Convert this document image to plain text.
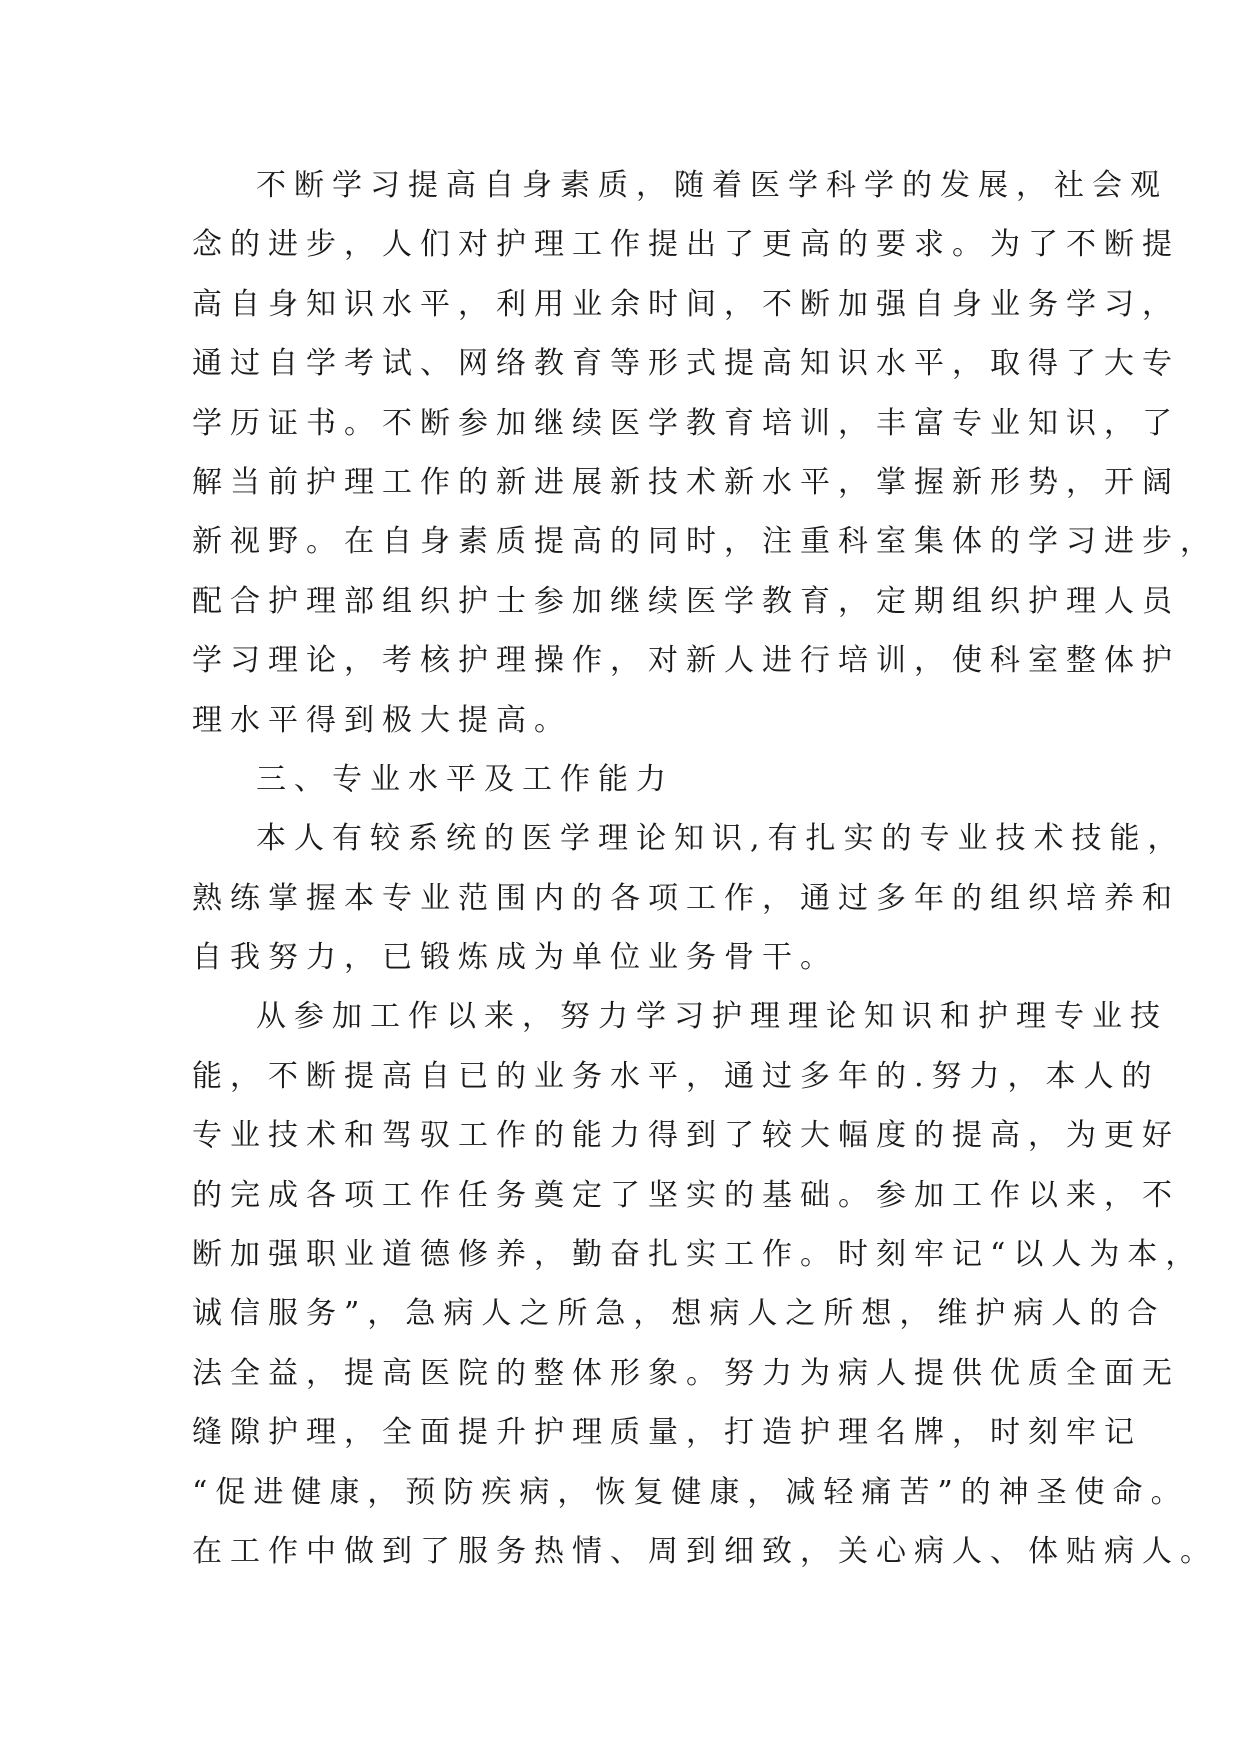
不断学习提高自身素质，随着医学科学的发展，社会观
念的进步，人们对护理工作提出了更高的要求。为了不断提
高自身知识水平，利用业余时间，不断加强自身业务学习，
通过自学考试、网络教育等形式提高知识水平，取得了大专
学历证书。不断参加继续医学教育培训，丰富专业知识，了
解当前护理工作的新进展新技术新水平，掌握新形势，开阔
新视野。在自身素质提高的同时，注重科室集体的学习进步，
配合护理部组织护士参加继续医学教育，定期组织护理人员
学习理论，考核护理操作，对新人进行培训，使科室整体护
理水平得到极大提高。
三、专业水平及工作能力
本人有较系统的医学理论知识,有扎实的专业技术技能，
熟练掌握本专业范围内的各项工作，通过多年的组织培养和
自我努力，已锻炼成为单位业务骨干。
从参加工作以来，努力学习护理理论知识和护理专业技
能，不断提高自已的业务水平，通过多年的.努力，本人的
专业技术和驾驭工作的能力得到了较大幅度的提高，为更好
的完成各项工作任务奠定了坚实的基础。参加工作以来，不
断加强职业道德修养，勤奋扎实工作。时刻牢记“以人为本，
诚信服务”，急病人之所急，想病人之所想，维护病人的合
法全益，提高医院的整体形象。努力为病人提供优质全面无
缝隙护理，全面提升护理质量，打造护理名牌，时刻牢记
“促进健康，预防疾病，恢复健康，减轻痛苦”的神圣使命。
在工作中做到了服务热情、周到细致，关心病人、体贴病人。
